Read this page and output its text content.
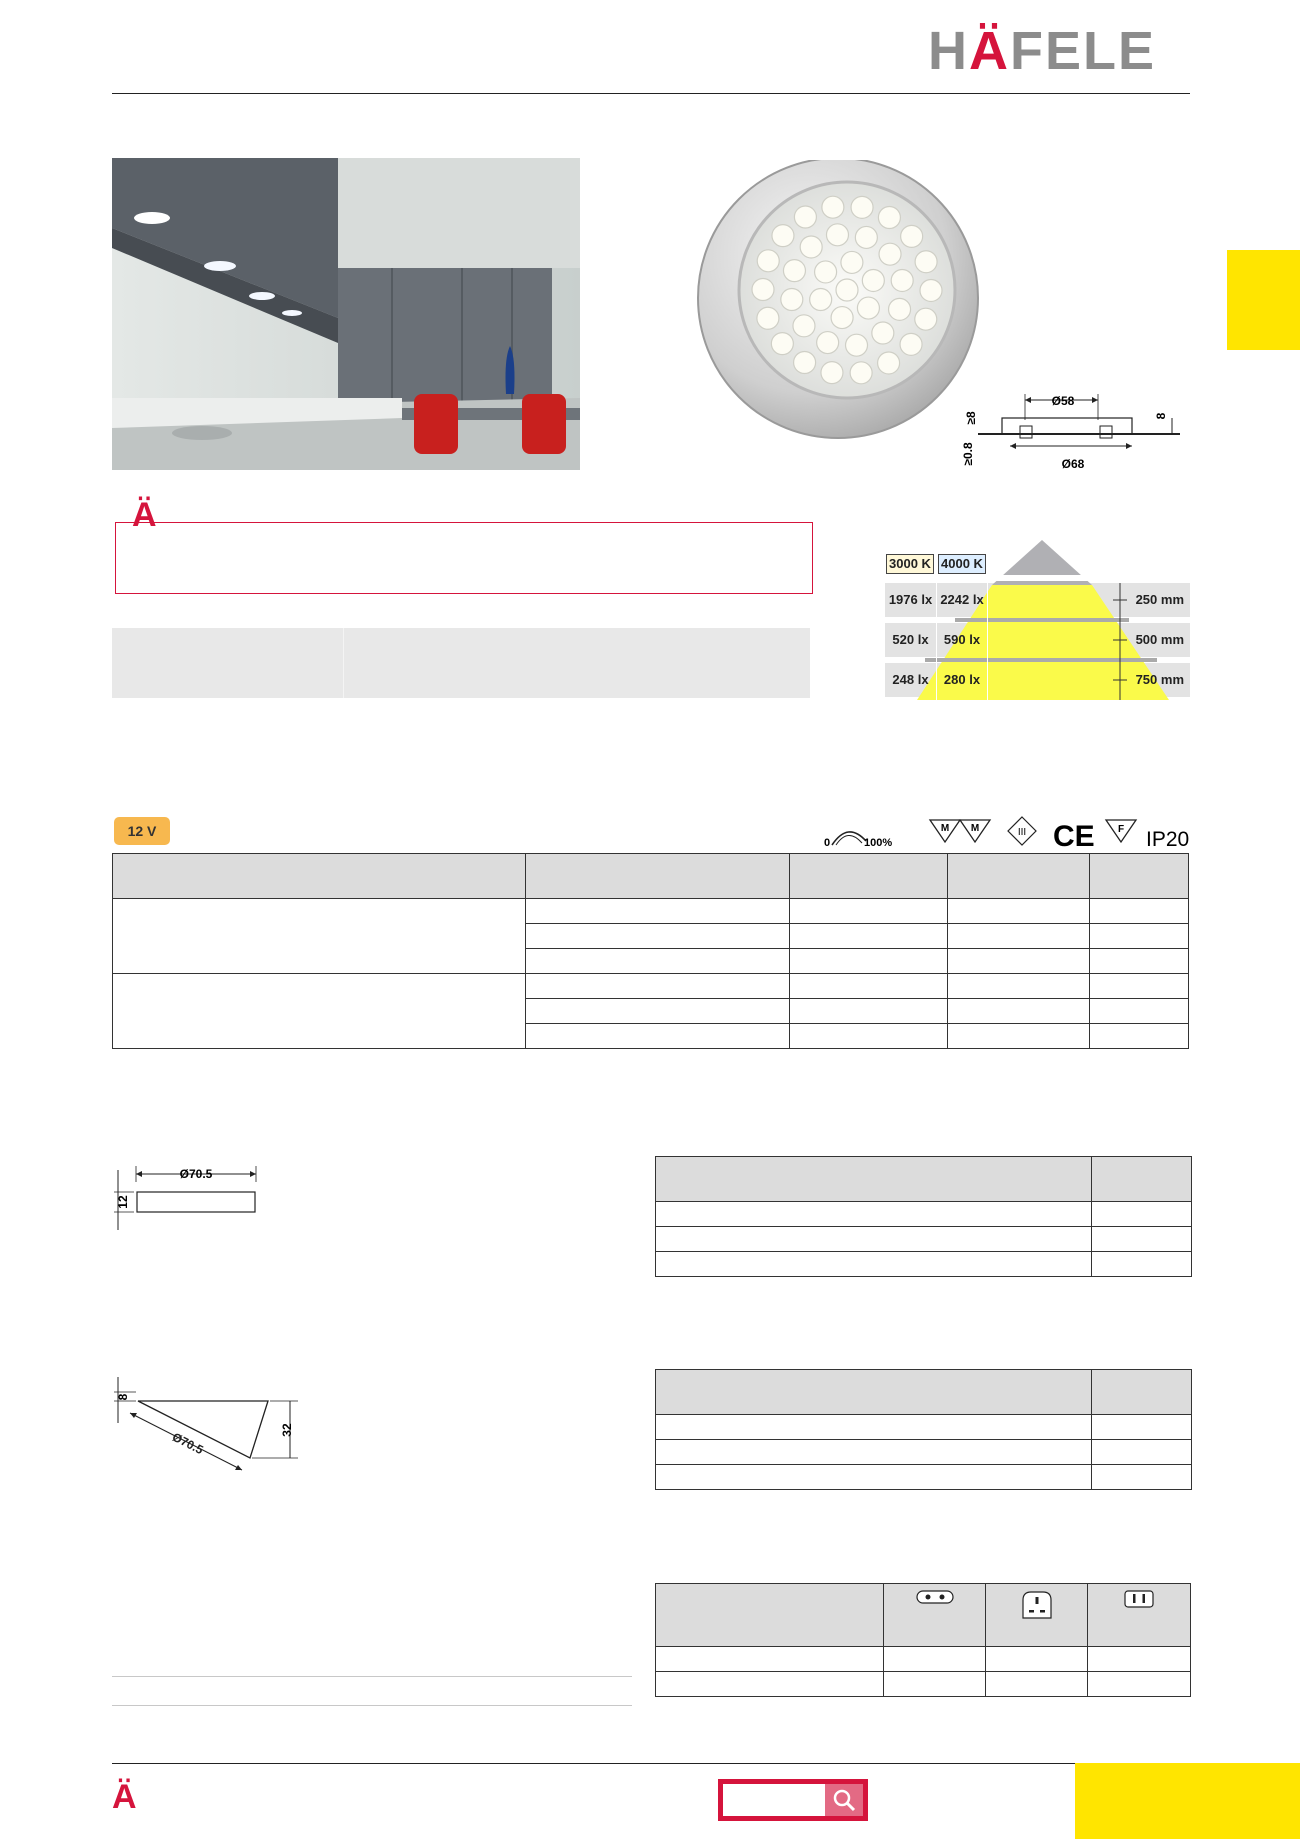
HÄFELE
Ø58
Ø68
≥8
≥0.8
8
Ä
3000 K 4000 K
1976 lx 2242 lx	250 mm
520 lx	590 lx	500 mm
248 lx	280 lx	750 mm
12 V
0	100%
M M	III CE F IP20

Ø70.5
12

8
32
Ø70.5

Ä
